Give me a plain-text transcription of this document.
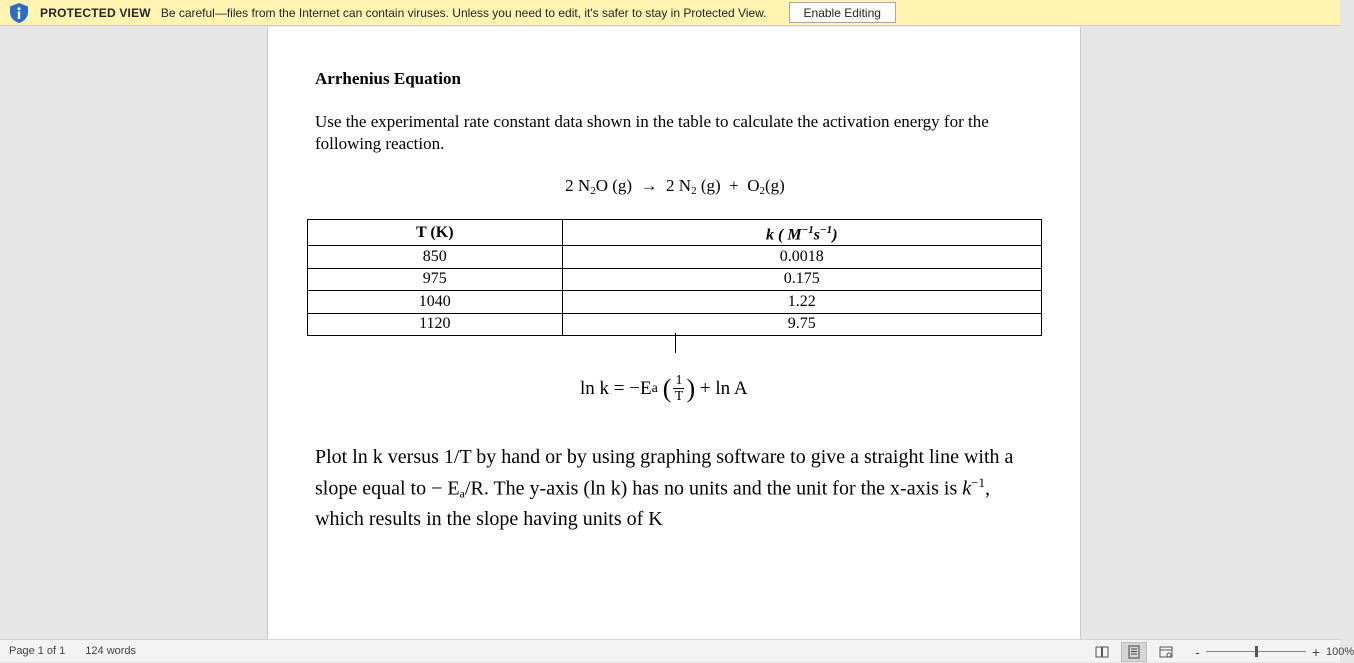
PROTECTED VIEW Be careful—files from the Internet can contain viruses. Unless you need to edit, it's safer to stay in Protected View.	Enable Editing
Arrhenius Equation
Use the experimental rate constant data shown in the table to calculate the activation energy for the following reaction.
2 $N_2O$ (g)  →  2 $N_2$ $(g) + O_2(g)$
T (K)	k ( $M^{-1}s^{-1}$)
850	0.0018
975	0.175
1040	1.22
1120	9.75
ln k = −E a ( $\frac{1}{T}$ ) + ln A
Plot ln k versus 1/T by hand or by using graphing software to give a straight line with a slope equal to − $E_a/R$. The y-axis (ln k) has no units and the unit for the x-axis is $k^{-1}$, which results in the slope having units of K
Page 1 of 1 124 words	-	+ 100%
